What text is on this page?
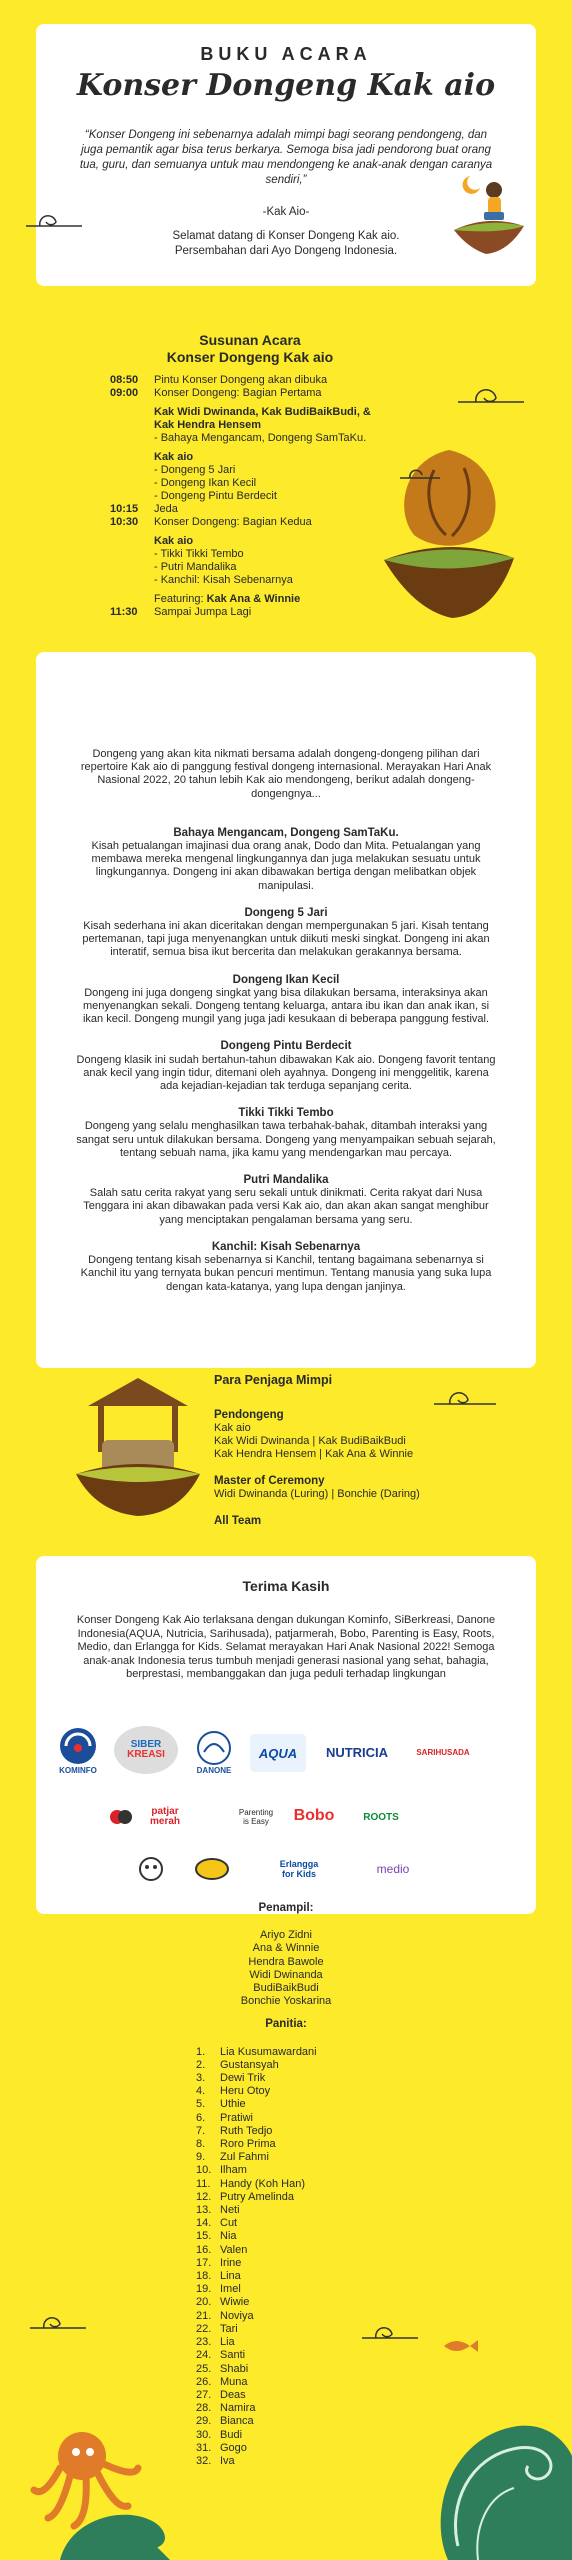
BUKU ACARA
Konser Dongeng Kak aio
“Konser Dongeng ini sebenarnya adalah mimpi bagi seorang pendongeng, dan juga pemantik agar bisa terus berkarya. Semoga bisa jadi pendorong buat orang tua, guru, dan semuanya untuk mau mendongeng ke anak-anak dengan caranya sendiri,”
-Kak Aio-
Selamat datang di Konser Dongeng Kak aio.
Persembahan dari Ayo Dongeng Indonesia.
Susunan Acara
Konser Dongeng Kak aio
08:50	Pintu Konser Dongeng akan dibuka
09:00	Konser Dongeng: Bagian Pertama
Kak Widi Dwinanda, Kak BudiBaikBudi, & Kak Hendra Hensem
- Bahaya Mengancam, Dongeng SamTaKu.
Kak aio
- Dongeng 5 Jari
- Dongeng Ikan Kecil
- Dongeng Pintu Berdecit
10:15	Jeda
10:30	Konser Dongeng: Bagian Kedua
Kak aio
- Tikki Tikki Tembo
- Putri Mandalika
- Kanchil: Kisah Sebenarnya
Featuring: Kak Ana & Winnie
11:30	Sampai Jumpa Lagi

Dongeng yang akan kita nikmati bersama adalah dongeng-dongeng pilihan dari repertoire Kak aio di panggung festival dongeng internasional. Merayakan Hari Anak Nasional 2022, 20 tahun lebih Kak aio mendongeng, berikut adalah dongeng-dongengnya...

Bahaya Mengancam, Dongeng SamTaKu.

Kisah petualangan imajinasi dua orang anak, Dodo dan Mita. Petualangan yang membawa mereka mengenal lingkungannya dan juga melakukan sesuatu untuk lingkungannya. Dongeng ini akan dibawakan bertiga dengan melibatkan objek manipulasi.

Dongeng 5 Jari

Kisah sederhana ini akan diceritakan dengan mempergunakan 5 jari. Kisah tentang pertemanan, tapi juga menyenangkan untuk diikuti meski singkat. Dongeng ini akan interatif, semua bisa ikut bercerita dan melakukan gerakannya bersama.

Dongeng Ikan Kecil

Dongeng ini juga dongeng singkat yang bisa dilakukan bersama, interaksinya akan menyenangkan sekali. Dongeng tentang keluarga, antara ibu ikan dan anak ikan, si ikan kecil. Dongeng mungil yang juga jadi kesukaan di beberapa panggung festival.

Dongeng Pintu Berdecit

Dongeng klasik ini sudah bertahun-tahun dibawakan Kak aio. Dongeng favorit tentang anak kecil yang ingin tidur, ditemani oleh ayahnya. Dongeng ini menggelitik, karena ada kejadian-kejadian tak terduga sepanjang cerita.

Tikki Tikki Tembo

Dongeng yang selalu menghasilkan tawa terbahak-bahak, ditambah interaksi yang sangat seru untuk dilakukan bersama. Dongeng yang menyampaikan sebuah sejarah, tentang sebuah nama, jika kamu yang mendengarkan mau percaya.

Putri Mandalika

Salah satu cerita rakyat yang seru sekali untuk dinikmati. Cerita rakyat dari Nusa Tenggara ini akan dibawakan pada versi Kak aio, dan akan akan sangat menghibur yang menciptakan pengalaman bersama yang seru.

Kanchil: Kisah Sebenarnya

Dongeng tentang kisah sebenarnya si Kanchil, tentang bagaimana sebenarnya si Kanchil itu yang ternyata bukan pencuri mentimun. Tentang manusia yang suka lupa dengan kata-katanya, yang lupa dengan janjinya.

Para Penjaga Mimpi
Pendongeng
Kak aio
Kak Widi Dwinanda | Kak BudiBaikBudi
Kak Hendra Hensem | Kak Ana & Winnie
Master of Ceremony
Widi Dwinanda (Luring) | Bonchie (Daring)
All Team
Terima Kasih

Konser Dongeng Kak Aio terlaksana dengan dukungan Kominfo, SiBerkreasi, Danone Indonesia(AQUA, Nutricia, Sarihusada), patjarmerah, Bobo, Parenting is Easy, Roots, Medio, dan Erlangga for Kids. Selamat merayakan Hari Anak Nasional 2022! Semoga anak-anak Indonesia terus tumbuh menjadi generasi nasional yang sehat, bahagia, berprestasi, membanggakan dan juga peduli terhadap lingkungan

KOMINFO
SIBER
KREASI
DANONE
AQUA NUTRICIA	SARIHUSADA
patjar
merah
Parenting
is Easy Bobo	ROOTS
Erlangga
for Kids	medio
Penampil:
Ariyo Zidni
Ana & Winnie
Hendra Bawole
Widi Dwinanda
BudiBaikBudi
Bonchie Yoskarina
Panitia:
1.	Lia Kusumawardani
2.	Gustansyah
3.	Dewi Trik
4.	Heru Otoy
5.	Uthie
6.	Pratiwi
7.	Ruth Tedjo
8.	Roro Prima
9.	Zul Fahmi
10. Ilham
11. Handy (Koh Han)
12. Putry Amelinda
13. Neti
14. Cut
15. Nia
16. Valen
17. Irine
18. Lina
19. Imel
20. Wiwie
21. Noviya
22. Tari
23. Lia
24. Santi
25. Shabi
26. Muna
27. Deas
28. Namira
29. Bianca
30. Budi
31. Gogo
32. Iva
